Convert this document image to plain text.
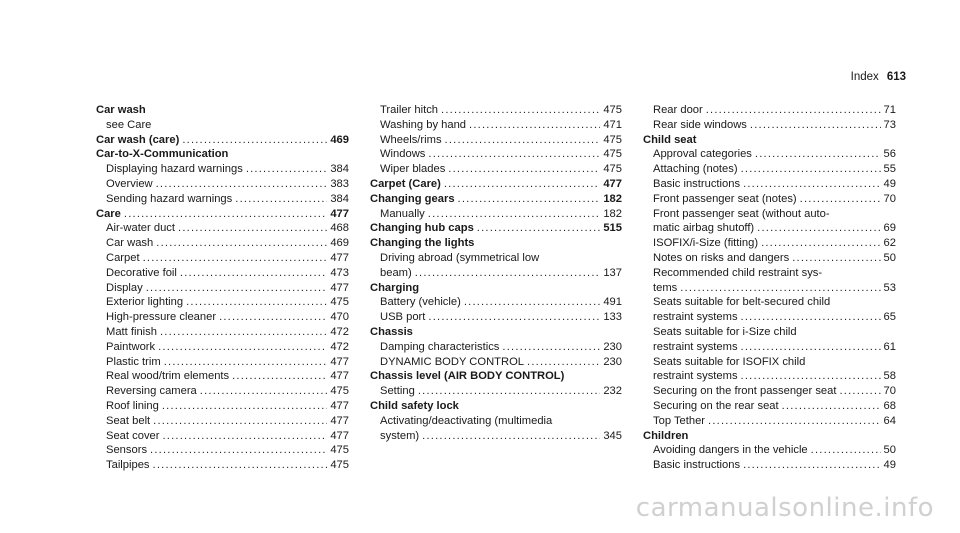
Index 613
Car wash
see Care
Car wash (care) .....	469
Car-to-X-Communication
Displaying hazard warnings .....	384
Overview .....	383
Sending hazard warnings .....	384
Care .....	477
Air-water duct .....	468
Car wash .....	469
Carpet .....	477
Decorative foil .....	473
Display .....	477
Exterior lighting .....	475
High-pressure cleaner .....	470
Matt finish .....	472
Paintwork .....	472
Plastic trim .....	477
Real wood/trim elements .....	477
Reversing camera .....	475
Roof lining .....	477
Seat belt .....	477
Seat cover .....	477
Sensors .....	475
Tailpipes .....	475
Trailer hitch .....	475
Washing by hand .....	471
Wheels/rims .....	475
Windows .....	475
Wiper blades .....	475
Carpet (Care) .....	477
Changing gears .....	182
Manually .....	182
Changing hub caps .....	515
Changing the lights
Driving abroad (symmetrical low
beam) .....	137
Charging
Battery (vehicle) .....	491
USB port .....	133
Chassis
Damping characteristics .....	230
DYNAMIC BODY CONTROL .....	230
Chassis level (AIR BODY CONTROL)
Setting .....	232
Child safety lock
Activating/deactivating (multimedia
system) .....	345
Rear door .....	71
Rear side windows .....	73
Child seat
Approval categories .....	56
Attaching (notes) .....	55
Basic instructions .....	49
Front passenger seat (notes) .....	70
Front passenger seat (without auto-
matic airbag shutoff) .....	69
ISOFIX/i-Size (fitting) .....	62
Notes on risks and dangers .....	50
Recommended child restraint sys-
tems .....	53
Seats suitable for belt-secured child
restraint systems .....	65
Seats suitable for i-Size child
restraint systems .....	61
Seats suitable for ISOFIX child
restraint systems .....	58
Securing on the front passenger seat .....	70
Securing on the rear seat .....	68
Top Tether .....	64
Children
Avoiding dangers in the vehicle .....	50
Basic instructions .....	49
carmanualsonline.info
